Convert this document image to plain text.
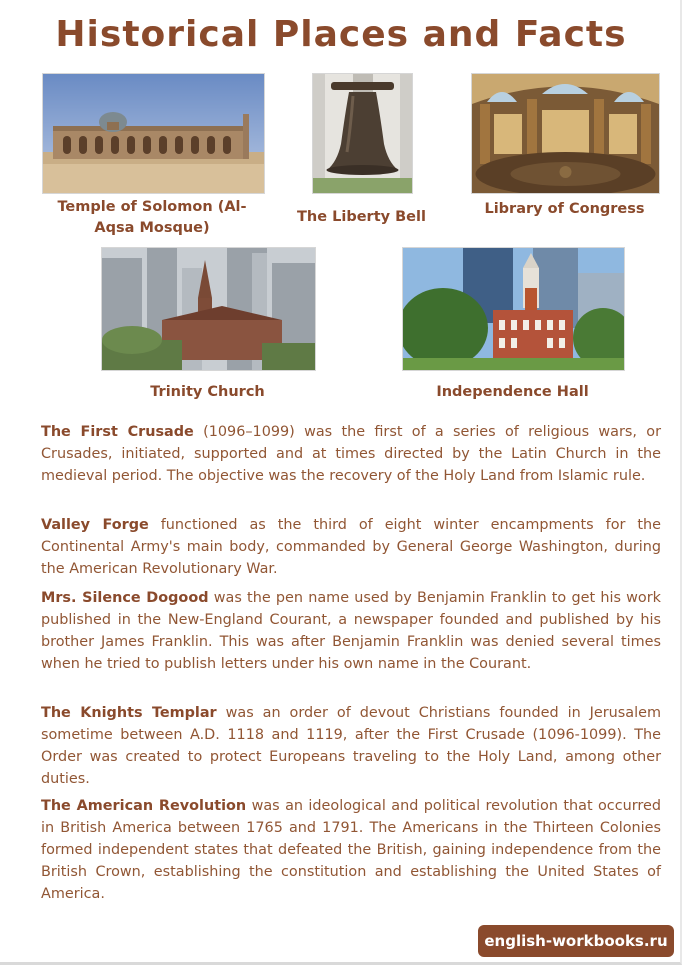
Historical Places and Facts
Temple of Solomon (Al-Aqsa Mosque)
The Liberty Bell	Library of Congress
Trinity Church	Independence Hall

The First Crusade (1096–1099) was the first of a series of religious wars, or Crusades, initiated, supported and at times directed by the Latin Church in the medieval period. The objective was the recovery of the Holy Land from Islamic rule.

Valley Forge functioned as the third of eight winter encampments for the Continental Army's main body, commanded by General George Washington, during the American Revolutionary War.

Mrs. Silence Dogood was the pen name used by Benjamin Franklin to get his work published in the New-England Courant, a newspaper founded and published by his brother James Franklin. This was after Benjamin Franklin was denied several times when he tried to publish letters under his own name in the Courant.

The Knights Templar was an order of devout Christians founded in Jerusalem sometime between A.D. 1118 and 1119, after the First Crusade (1096-1099). The Order was created to protect Europeans traveling to the Holy Land, among other duties.

The American Revolution was an ideological and political revolution that occurred in British America between 1765 and 1791. The Americans in the Thirteen Colonies formed independent states that defeated the British, gaining independence from the British Crown, establishing the constitution and establishing the United States of America.

english-workbooks.ru
